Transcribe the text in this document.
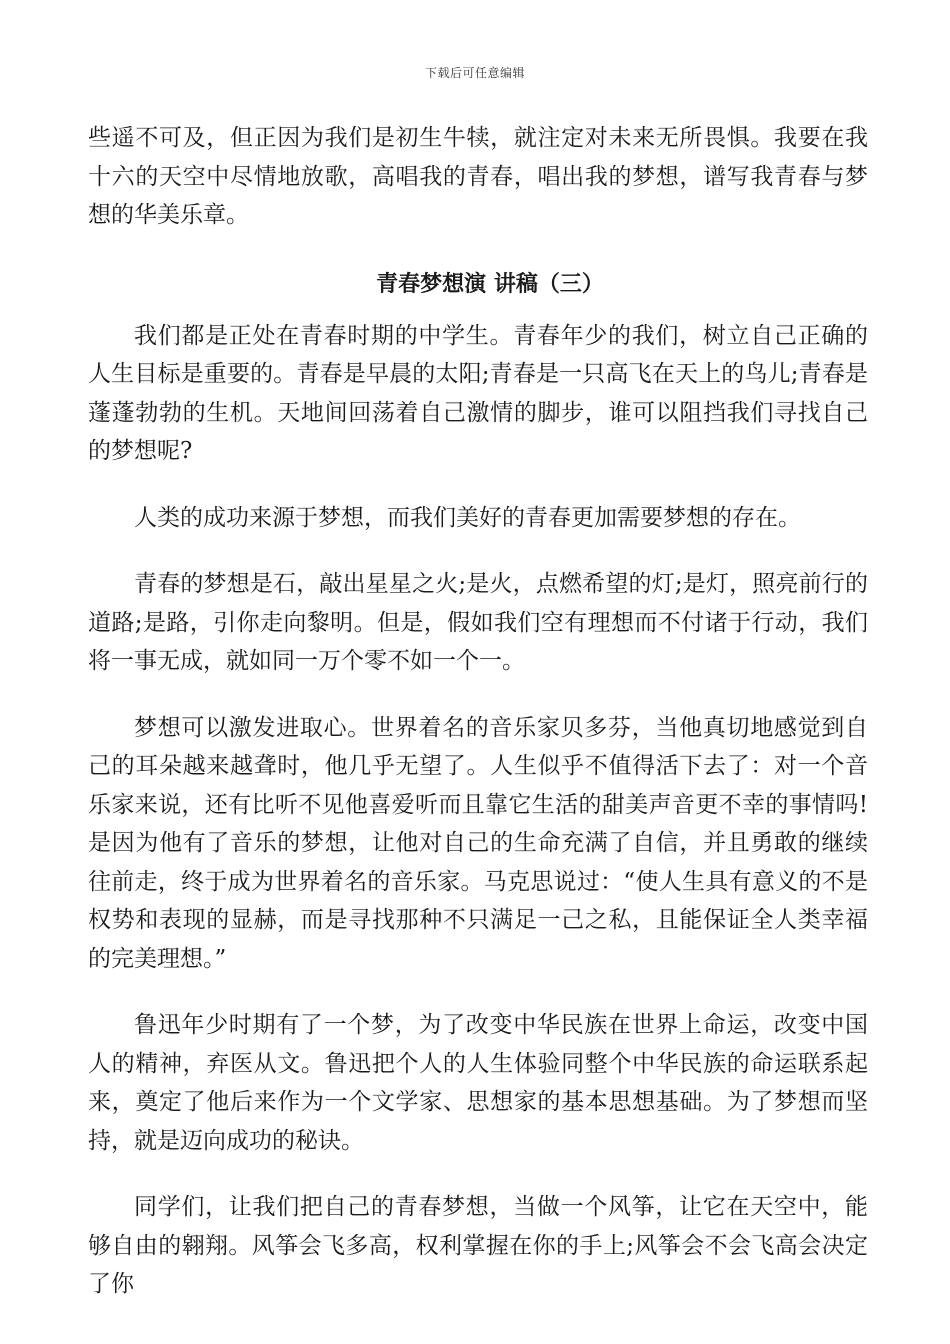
下载后可任意编辑

些遥不可及，但正因为我们是初生牛犊，就注定对未来无所畏惧。我要在我十六的天空中尽情地放歌，高唱我的青春，唱出我的梦想，谱写我青春与梦想的华美乐章。

青春梦想演 讲稿（三）

我们都是正处在青春时期的中学生。青春年少的我们，树立自己正确的人生目标是重要的。青春是早晨的太阳;青春是一只高飞在天上的鸟儿;青春是蓬蓬勃勃的生机。天地间回荡着自己激情的脚步，谁可以阻挡我们寻找自己的梦想呢?

人类的成功来源于梦想，而我们美好的青春更加需要梦想的存在。

青春的梦想是石，敲出星星之火;是火，点燃希望的灯;是灯，照亮前行的道路;是路，引你走向黎明。但是，假如我们空有理想而不付诸于行动，我们将一事无成，就如同一万个零不如一个一。

梦想可以激发进取心。世界着名的音乐家贝多芬，当他真切地感觉到自己的耳朵越来越聋时，他几乎无望了。人生似乎不值得活下去了：对一个音乐家来说，还有比听不见他喜爱听而且靠它生活的甜美声音更不幸的事情吗!是因为他有了音乐的梦想，让他对自己的生命充满了自信，并且勇敢的继续往前走，终于成为世界着名的音乐家。马克思说过：“使人生具有意义的不是权势和表现的显赫，而是寻找那种不只满足一己之私，且能保证全人类幸福的完美理想。”

鲁迅年少时期有了一个梦，为了改变中华民族在世界上命运，改变中国人的精神，弃医从文。鲁迅把个人的人生体验同整个中华民族的命运联系起来，奠定了他后来作为一个文学家、思想家的基本思想基础。为了梦想而坚持，就是迈向成功的秘诀。

同学们，让我们把自己的青春梦想，当做一个风筝，让它在天空中，能够自由的翱翔。风筝会飞多高，权利掌握在你的手上;风筝会不会飞高会决定了你
